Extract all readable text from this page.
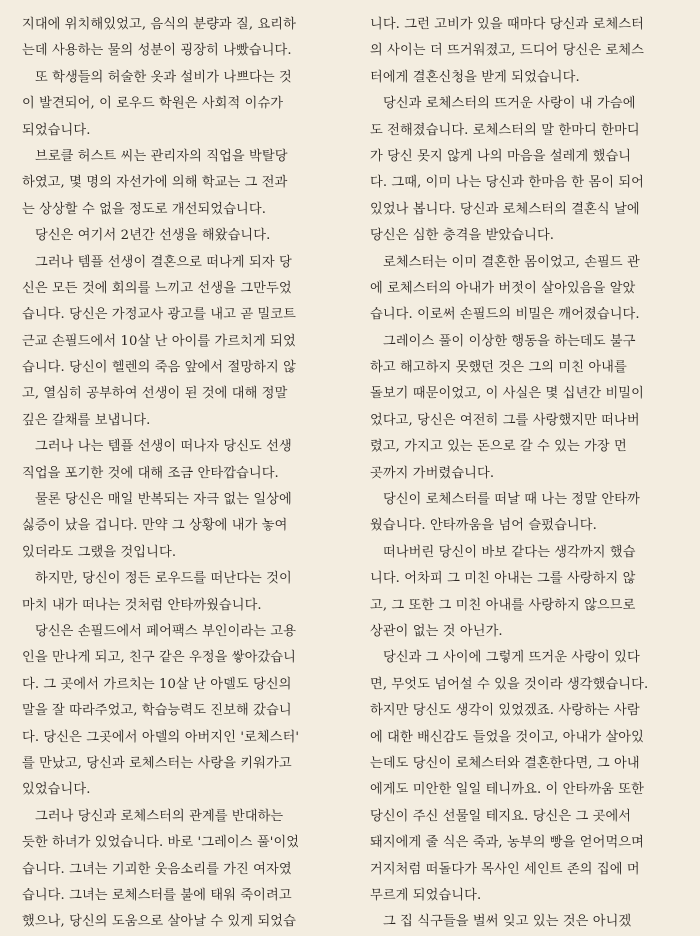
지대에 위치해있었고, 음식의 분량과 질, 요리하
는데 사용하는 물의 성분이 굉장히 나빴습니다.
또 학생들의 허술한 옷과 설비가 나쁘다는 것
이 발견되어, 이 로우드 학원은 사회적 이슈가
되었습니다.
브로클 허스트 씨는 관리자의 직업을 박탈당
하였고, 몇 명의 자선가에 의해 학교는 그 전과
는 상상할 수 없을 정도로 개선되었습니다.
당신은 여기서 2년간 선생을 해왔습니다.
그러나 템플 선생이 결혼으로 떠나게 되자 당
신은 모든 것에 회의를 느끼고 선생을 그만두었
습니다. 당신은 가정교사 광고를 내고 곧 밀코트
근교 손필드에서 10살 난 아이를 가르치게 되었
습니다. 당신이 헬렌의 죽음 앞에서 절망하지 않
고, 열심히 공부하여 선생이 된 것에 대해 정말
깊은 갈채를 보냅니다.
그러나 나는 템플 선생이 떠나자 당신도 선생
직업을 포기한 것에 대해 조금 안타깝습니다.
물론 당신은 매일 반복되는 자극 없는 일상에
싫증이 났을 겁니다. 만약 그 상황에 내가 놓여
있더라도 그랬을 것입니다.
하지만, 당신이 정든 로우드를 떠난다는 것이
마치 내가 떠나는 것처럼 안타까웠습니다.
당신은 손필드에서 페어팩스 부인이라는 고용
인을 만나게 되고, 친구 같은 우정을 쌓아갔습니
다. 그 곳에서 가르치는 10살 난 아델도 당신의
말을 잘 따라주었고, 학습능력도 진보해 갔습니
다. 당신은 그곳에서 아델의 아버지인 '로체스터'
를 만났고, 당신과 로체스터는 사랑을 키워가고
있었습니다.
그러나 당신과 로체스터의 관계를 반대하는
듯한 하녀가 있었습니다. 바로 '그레이스 풀'이었
습니다. 그녀는 기괴한 웃음소리를 가진 여자였
습니다. 그녀는 로체스터를 불에 태워 죽이려고
했으나, 당신의 도움으로 살아날 수 있게 되었습
니다. 그런 고비가 있을 때마다 당신과 로체스터
의 사이는 더 뜨거워졌고, 드디어 당신은 로체스
터에게 결혼신청을 받게 되었습니다.
당신과 로체스터의 뜨거운 사랑이 내 가슴에
도 전해졌습니다. 로체스터의 말 한마디 한마디
가 당신 못지 않게 나의 마음을 설레게 했습니
다. 그때, 이미 나는 당신과 한마음 한 몸이 되어
있었나 봅니다. 당신과 로체스터의 결혼식 날에
당신은 심한 충격을 받았습니다.
로체스터는 이미 결혼한 몸이었고, 손필드 관
에 로체스터의 아내가 버젓이 살아있음을 알았
습니다. 이로써 손필드의 비밀은 깨어졌습니다.
그레이스 풀이 이상한 행동을 하는데도 불구
하고 해고하지 못했던 것은 그의 미친 아내를
돌보기 때문이었고, 이 사실은 몇 십년간 비밀이
었다고, 당신은 여전히 그를 사랑했지만 떠나버
렸고, 가지고 있는 돈으로 갈 수 있는 가장 먼
곳까지 가버렸습니다.
당신이 로체스터를 떠날 때 나는 정말 안타까
웠습니다. 안타까움을 넘어 슬펐습니다.
떠나버린 당신이 바보 같다는 생각까지 했습
니다. 어차피 그 미친 아내는 그를 사랑하지 않
고, 그 또한 그 미친 아내를 사랑하지 않으므로
상관이 없는 것 아닌가.
당신과 그 사이에 그렇게 뜨거운 사랑이 있다
면, 무엇도 넘어설 수 있을 것이라 생각했습니다.
하지만 당신도 생각이 있었겠죠. 사랑하는 사람
에 대한 배신감도 들었을 것이고, 아내가 살아있
는데도 당신이 로체스터와 결혼한다면, 그 아내
에게도 미안한 일일 테니까요. 이 안타까움 또한
당신이 주신 선물일 테지요. 당신은 그 곳에서
돼지에게 줄 식은 죽과, 농부의 빵을 얻어먹으며
거지처럼 떠돌다가 목사인 세인트 존의 집에 머
무르게 되었습니다.
그 집 식구들을 벌써 잊고 있는 것은 아니겠
